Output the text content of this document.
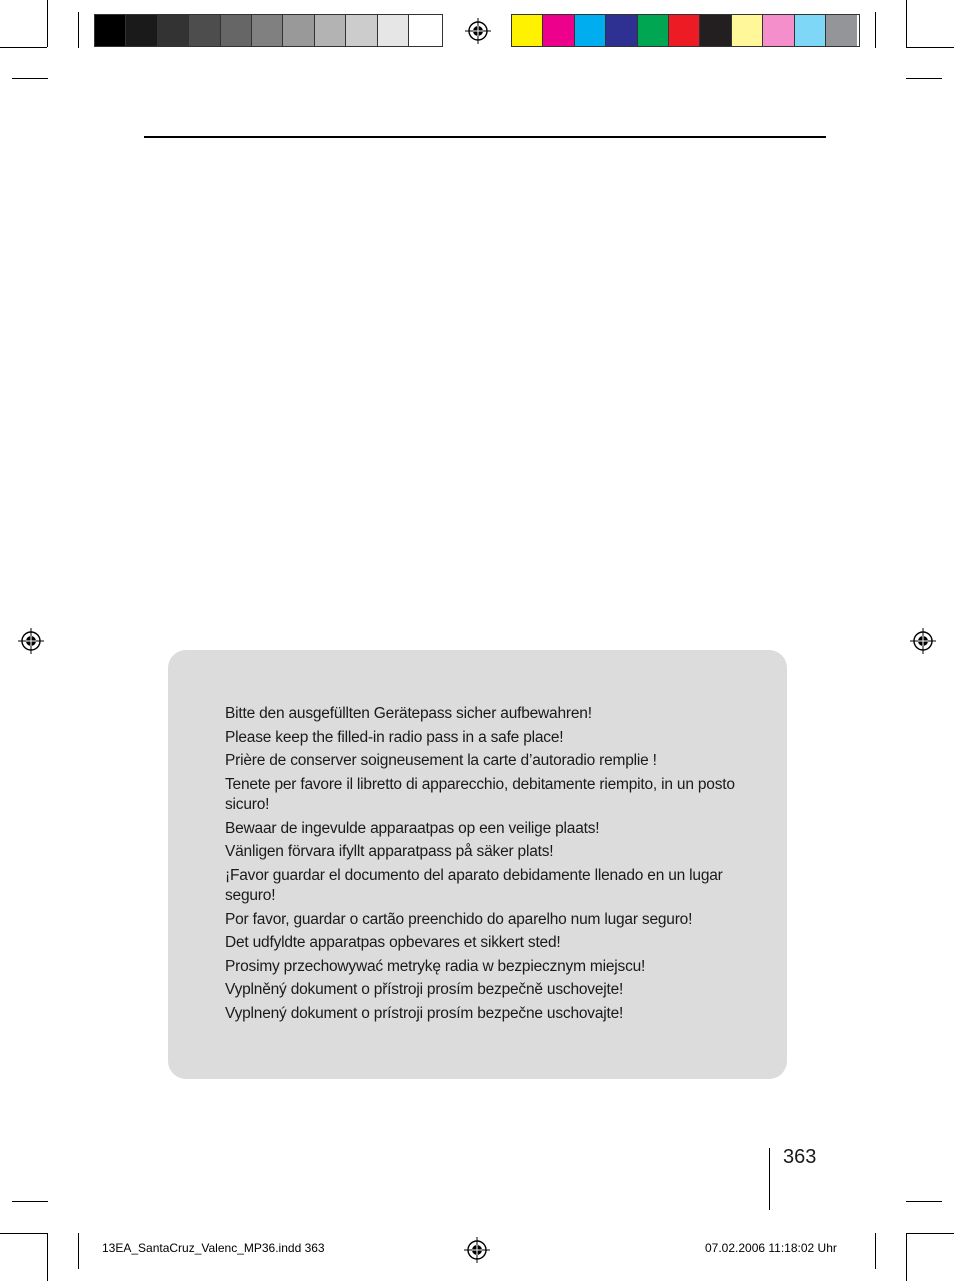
Bitte den ausgefüllten Gerätepass sicher aufbewahren!
Please keep the filled-in radio pass in a safe place!
Prière de conserver soigneusement la carte d’autoradio remplie !
Tenete per favore il libretto di apparecchio, debitamente riempito, in un posto sicuro!
Bewaar de ingevulde apparaatpas op een veilige plaats!
Vänligen förvara ifyllt apparatpass på säker plats!
¡Favor guardar el documento del aparato debidamente llenado en un lugar seguro!
Por favor, guardar o cartão preenchido do aparelho num lugar seguro!
Det udfyldte apparatpas opbevares et sikkert sted!
Prosimy przechowywać metrykę radia w bezpiecznym miejscu!
Vyplněný dokument o přístroji prosím bezpečně uschovejte!
Vyplnený dokument o prístroji prosím bezpečne uschovajte!
363
13EA_SantaCruz_Valenc_MP36.indd 363	07.02.2006 11:18:02 Uhr
